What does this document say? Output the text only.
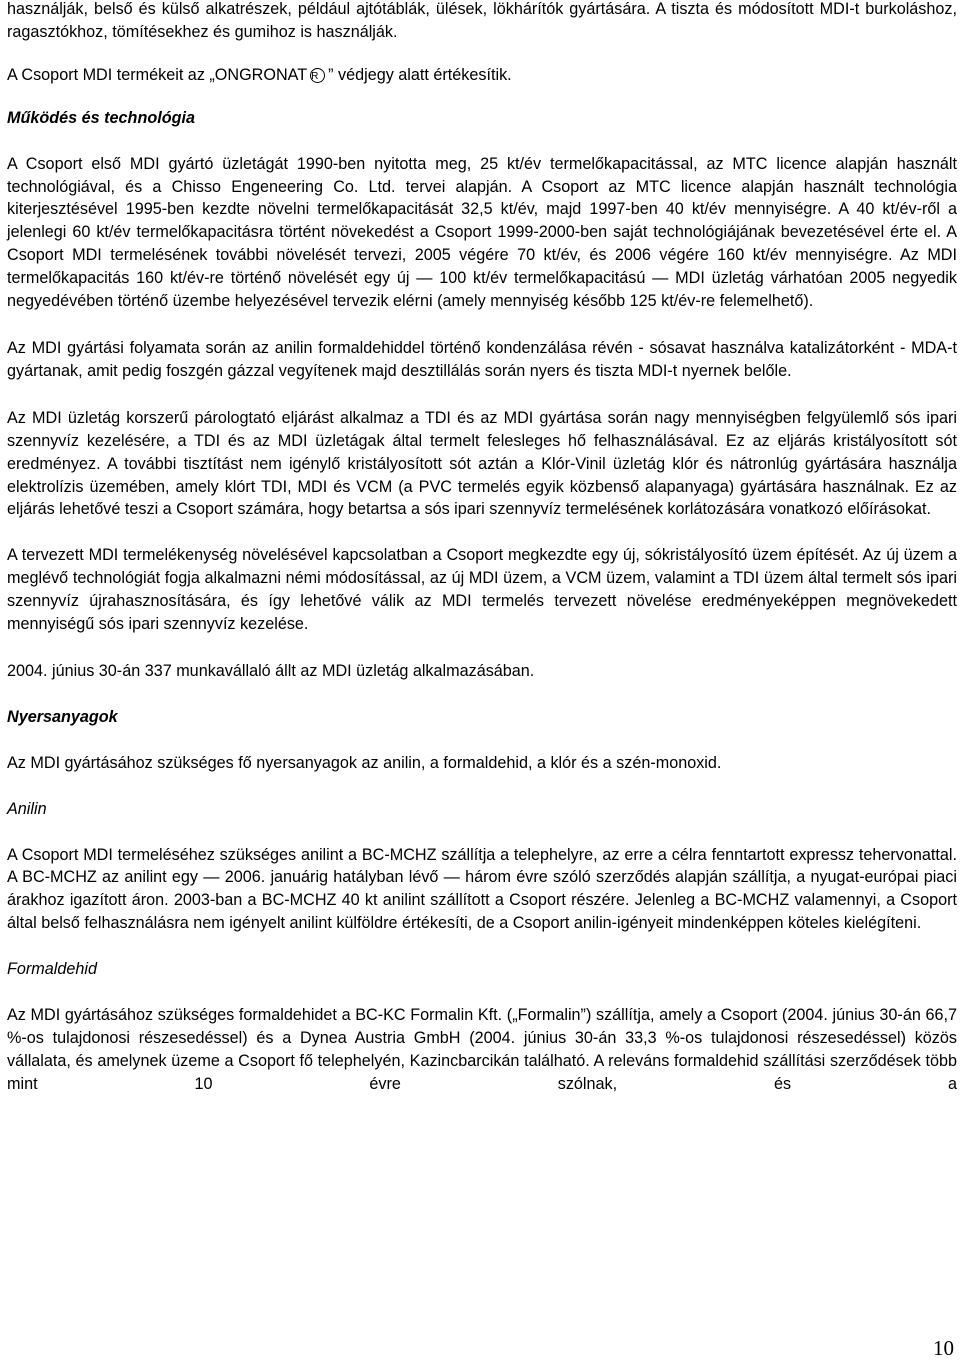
használják, belső és külső alkatrészek, például ajtótáblák, ülések, lökhárítók gyártására. A tiszta és módosított MDI-t burkoláshoz, ragasztókhoz, tömítésekhez és gumihoz is használják.

A Csoport MDI termékeit az „ONGRONAT R ” védjegy alatt értékesítik.

Működés és technológia

A Csoport első MDI gyártó üzletágát 1990-ben nyitotta meg, 25 kt/év termelőkapacitással, az MTC licence alapján használt technológiával, és a Chisso Engeneering Co. Ltd. tervei alapján. A Csoport az MTC licence alapján használt technológia kiterjesztésével 1995-ben kezdte növelni termelőkapacitását 32,5 kt/év, majd 1997-ben 40 kt/év mennyiségre. A 40 kt/év-ről a jelenlegi 60 kt/év termelőkapacitásra történt növekedést a Csoport 1999-2000-ben saját technológiájának bevezetésével érte el. A Csoport MDI termelésének további növelését tervezi, 2005 végére 70 kt/év, és 2006 végére 160 kt/év mennyiségre. Az MDI termelőkapacitás 160 kt/év-re történő növelését egy új — 100 kt/év termelőkapacitású — MDI üzletág várhatóan 2005 negyedik negyedévében történő üzembe helyezésével tervezik elérni (amely mennyiség később 125 kt/év-re felemelhető).

Az MDI gyártási folyamata során az anilin formaldehiddel történő kondenzálása révén - sósavat használva katalizátorként - MDA-t gyártanak, amit pedig foszgén gázzal vegyítenek majd desztillálás során nyers és tiszta MDI-t nyernek belőle.

Az MDI üzletág korszerű párologtató eljárást alkalmaz a TDI és az MDI gyártása során nagy mennyiségben felgyülemlő sós ipari szennyvíz kezelésére, a TDI és az MDI üzletágak által termelt felesleges hő felhasználásával. Ez az eljárás kristályosított sót eredményez. A további tisztítást nem igénylő kristályosított sót aztán a Klór-Vinil üzletág klór és nátronlúg gyártására használja elektrolízis üzemében, amely klórt TDI, MDI és VCM (a PVC termelés egyik közbenső alapanyaga) gyártására használnak. Ez az eljárás lehetővé teszi a Csoport számára, hogy betartsa a sós ipari szennyvíz termelésének korlátozására vonatkozó előírásokat.

A tervezett MDI termelékenység növelésével kapcsolatban a Csoport megkezdte egy új, sókristályosító üzem építését. Az új üzem a meglévő technológiát fogja alkalmazni némi módosítással, az új MDI üzem, a VCM üzem, valamint a TDI üzem által termelt sós ipari szennyvíz újrahasznosítására, és így lehetővé válik az MDI termelés tervezett növelése eredményeképpen megnövekedett mennyiségű sós ipari szennyvíz kezelése.

2004. június 30-án 337 munkavállaló állt az MDI üzletág alkalmazásában.

Nyersanyagok

Az MDI gyártásához szükséges fő nyersanyagok az anilin, a formaldehid, a klór és a szén-monoxid.

Anilin

A Csoport MDI termeléséhez szükséges anilint a BC-MCHZ szállítja a telephelyre, az erre a célra fenntartott expressz tehervonattal. A BC-MCHZ az anilint egy — 2006. januárig hatályban lévő — három évre szóló szerződés alapján szállítja, a nyugat-európai piaci árakhoz igazított áron. 2003-ban a BC-MCHZ 40 kt anilint szállított a Csoport részére. Jelenleg a BC-MCHZ valamennyi, a Csoport által belső felhasználásra nem igényelt anilint külföldre értékesíti, de a Csoport anilin-igényeit mindenképpen köteles kielégíteni.

Formaldehid

Az MDI gyártásához szükséges formaldehidet a BC-KC Formalin Kft. („Formalin”) szállítja, amely a Csoport (2004. június 30-án 66,7 %-os tulajdonosi részesedéssel) és a Dynea Austria GmbH (2004. június 30-án 33,3 %-os tulajdonosi részesedéssel) közös vállalata, és amelynek üzeme a Csoport fő telephelyén, Kazincbarcikán található. A releváns formaldehid szállítási szerződések több mint 10 évre szólnak, és a

10
